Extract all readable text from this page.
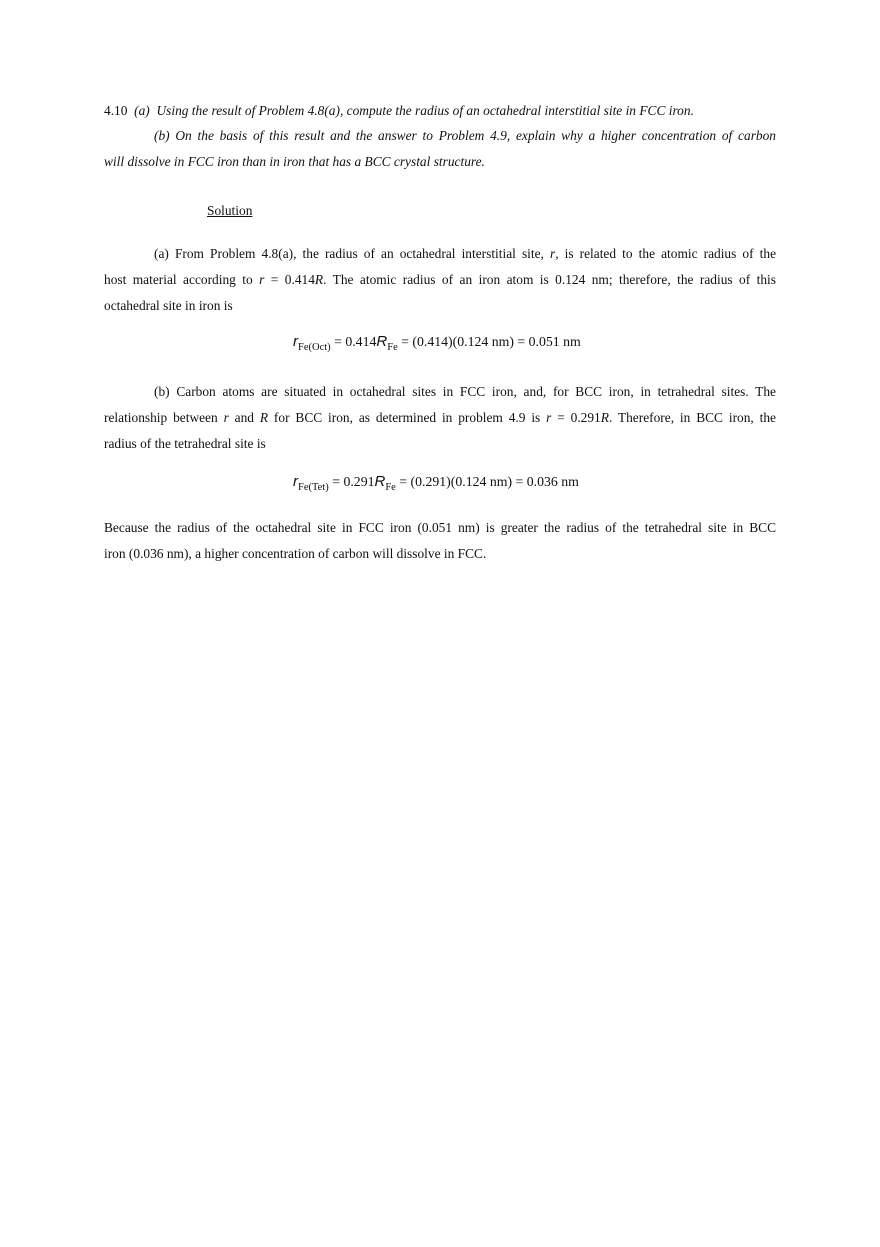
4.10 (a) Using the result of Problem 4.8(a), compute the radius of an octahedral interstitial site in FCC iron.
(b) On the basis of this result and the answer to Problem 4.9, explain why a higher concentration of carbon
will dissolve in FCC iron than in iron that has a BCC crystal structure.
Solution
(a) From Problem 4.8(a), the radius of an octahedral interstitial site, r, is related to the atomic radius of the
host material according to r = 0.414R. The atomic radius of an iron atom is 0.124 nm; therefore, the radius of this
octahedral site in iron is
$r_{Fe(Oct)} = 0.414R_{Fe} = (0.414)(0.124$ nm) = 0.051 nm
(b) Carbon atoms are situated in octahedral sites in FCC iron, and, for BCC iron, in tetrahedral sites. The
relationship between r and R for BCC iron, as determined in problem 4.9 is r = 0.291R. Therefore, in BCC iron, the
radius of the tetrahedral site is
$r_{Fe(Tet)} = 0.291R_{Fe} = (0.291)(0.124$ nm) = 0.036 nm
Because the radius of the octahedral site in FCC iron (0.051 nm) is greater the radius of the tetrahedral site in BCC
iron (0.036 nm), a higher concentration of carbon will dissolve in FCC.
